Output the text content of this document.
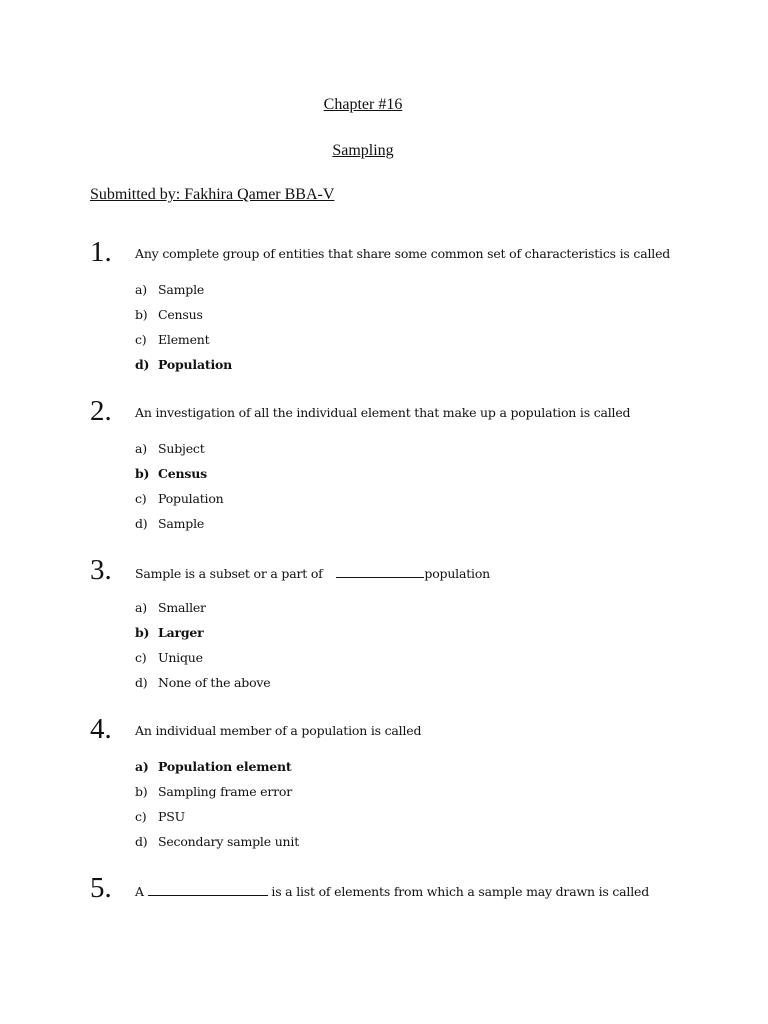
Chapter #16
Sampling
Submitted by: Fakhira Qamer BBA-V
1. Any complete group of entities that share some common set of characteristics is called
a) Sample
b) Census
c) Element
d) Population
2. An investigation of all the individual element that make up a population is called
a) Subject
b) Census
c) Population
d) Sample
3. Sample is a subset or a part of	population
a) Smaller
b) Larger
c) Unique
d) None of the above
4. An individual member of a population is called
a) Population element
b) Sampling frame error
c) PSU
d) Secondary sample unit
5. A	is a list of elements from which a sample may drawn is called
